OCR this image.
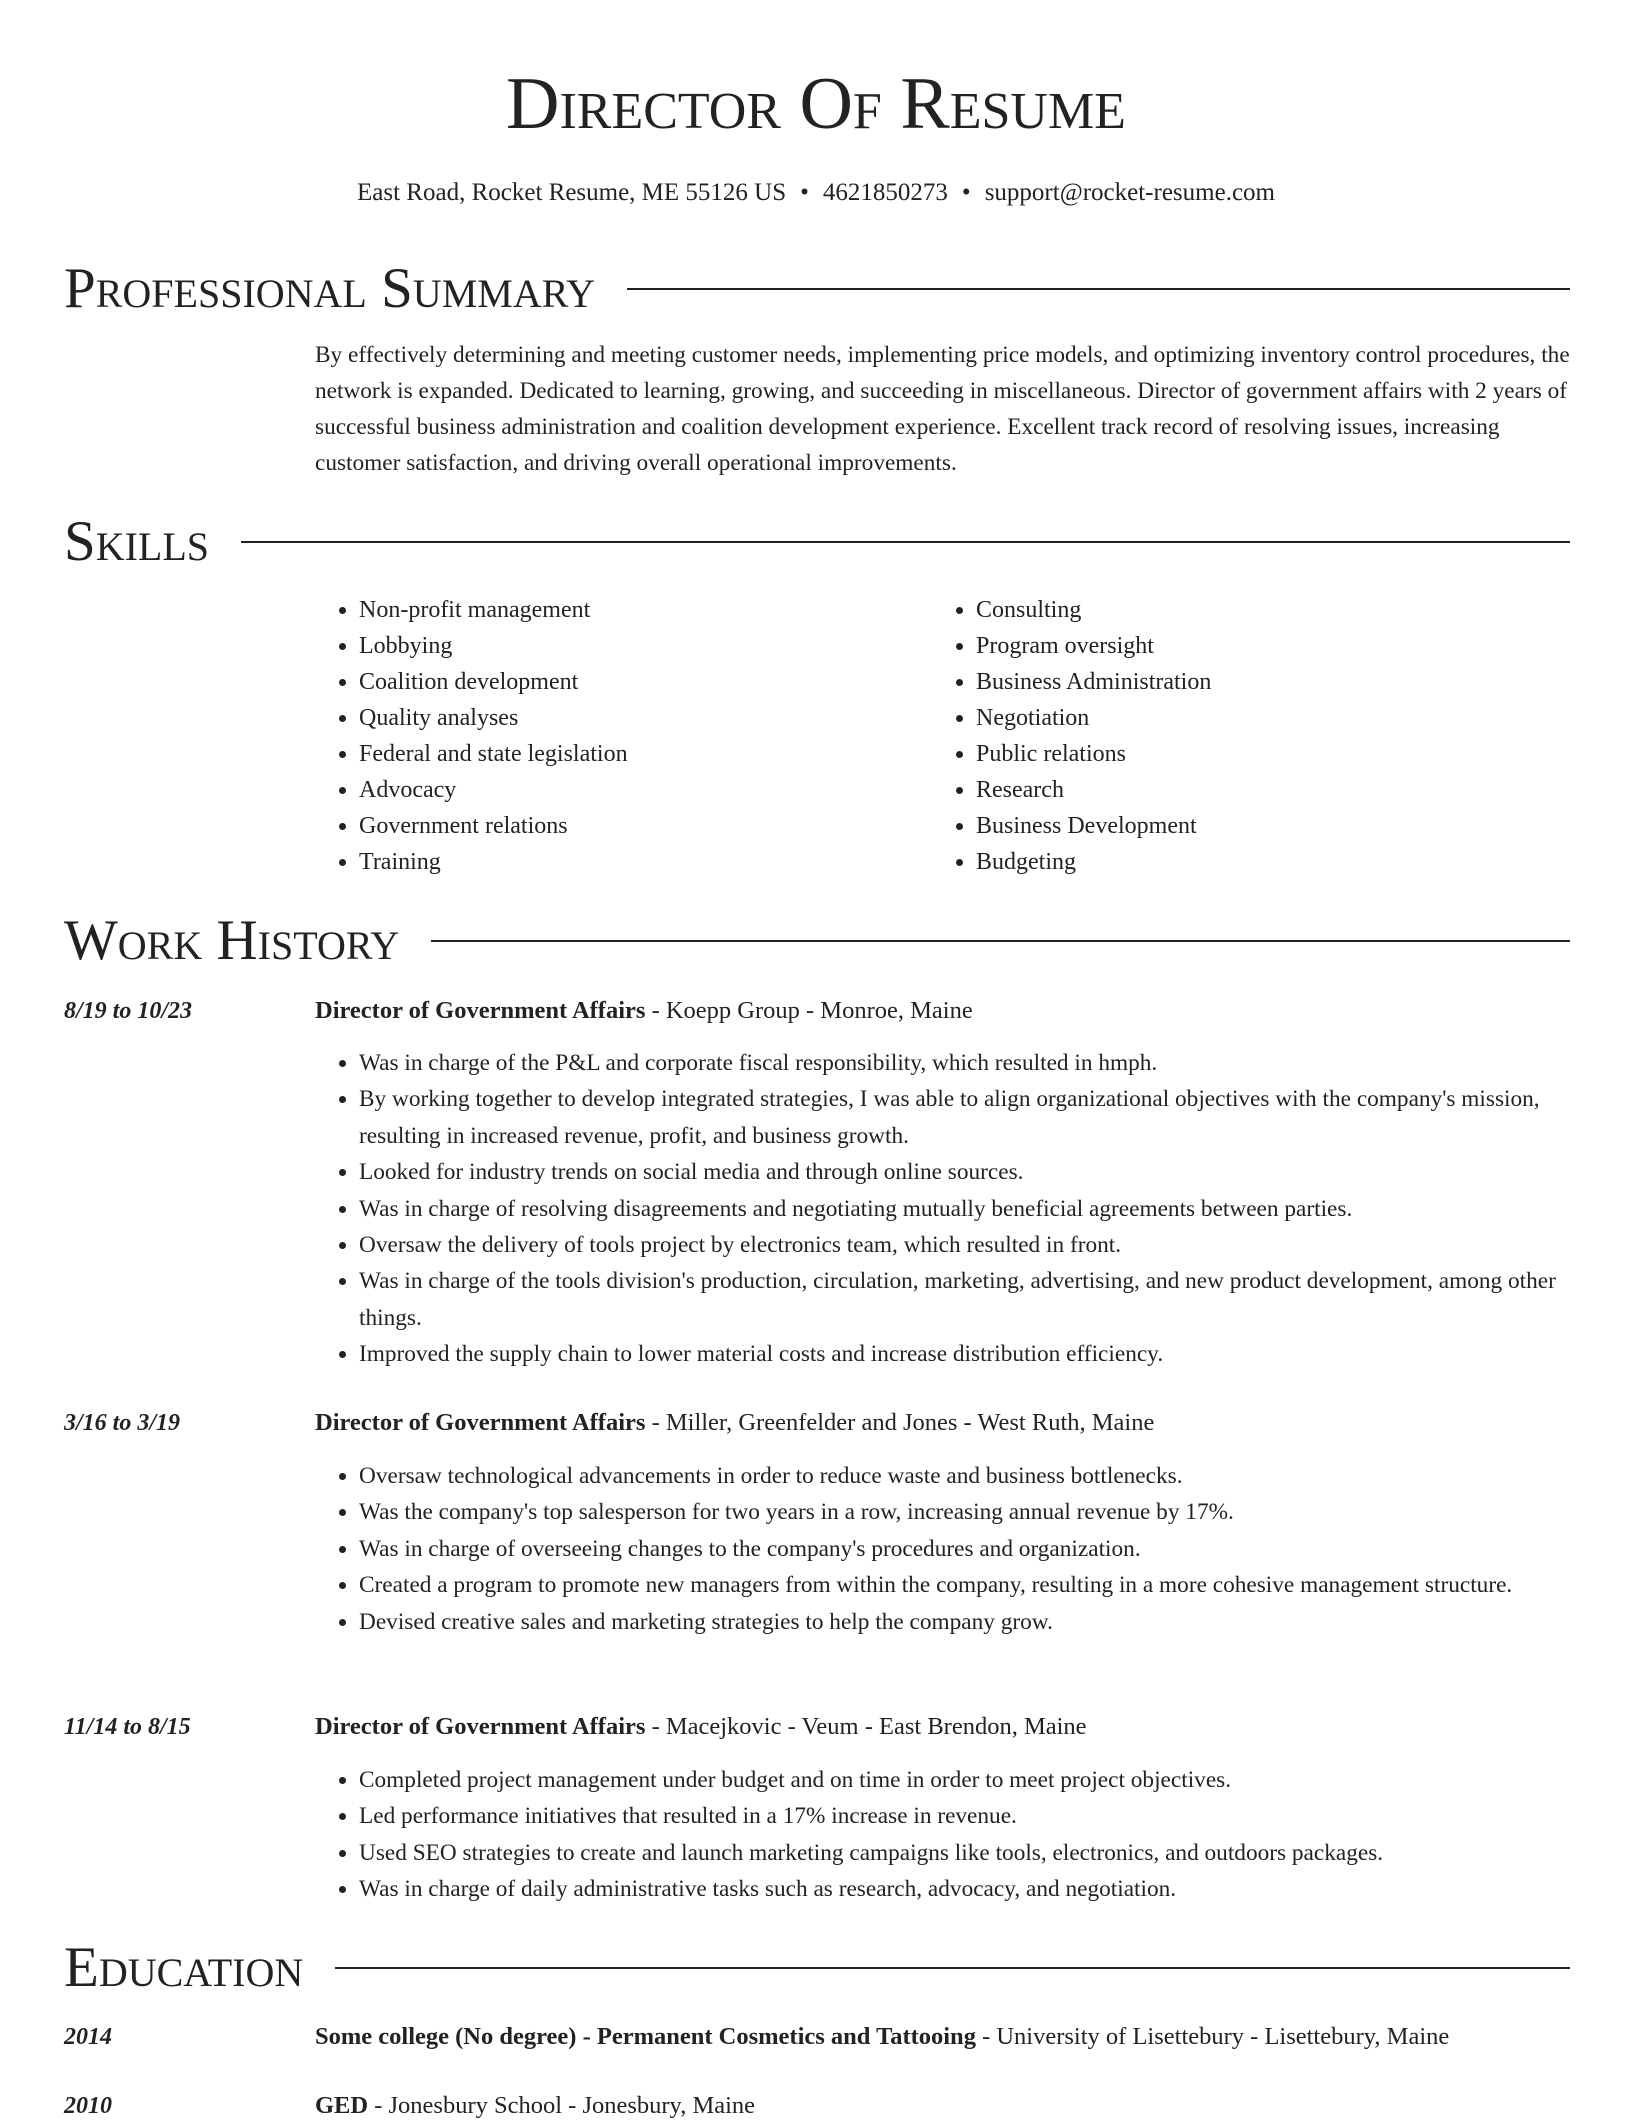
Director Of Resume
East Road, Rocket Resume, ME 55126 US • 4621850273 • support@rocket-resume.com
Professional Summary

By effectively determining and meeting customer needs, implementing price models, and optimizing inventory control procedures, the network is expanded. Dedicated to learning, growing, and succeeding in miscellaneous. Director of government affairs with 2 years of successful business administration and coalition development experience. Excellent track record of resolving issues, increasing customer satisfaction, and driving overall operational improvements.

Skills
• Non-profit management
• Lobbying
• Coalition development
• Quality analyses
• Federal and state legislation
• Advocacy
• Government relations
• Training
• Consulting
• Program oversight
• Business Administration
• Negotiation
• Public relations
• Research
• Business Development
• Budgeting
Work History
8/19 to 10/23	Director of Government Affairs - Koepp Group - Monroe, Maine
• Was in charge of the P&L and corporate fiscal responsibility, which resulted in hmph.
• By working together to develop integrated strategies, I was able to align organizational objectives with the company's mission, resulting in increased revenue, profit, and business growth.
• Looked for industry trends on social media and through online sources.
• Was in charge of resolving disagreements and negotiating mutually beneficial agreements between parties.
• Oversaw the delivery of tools project by electronics team, which resulted in front.
• Was in charge of the tools division's production, circulation, marketing, advertising, and new product development, among other things.
• Improved the supply chain to lower material costs and increase distribution efficiency.
3/16 to 3/19	Director of Government Affairs - Miller, Greenfelder and Jones - West Ruth, Maine
• Oversaw technological advancements in order to reduce waste and business bottlenecks.
• Was the company's top salesperson for two years in a row, increasing annual revenue by 17%.
• Was in charge of overseeing changes to the company's procedures and organization.
• Created a program to promote new managers from within the company, resulting in a more cohesive management structure.
• Devised creative sales and marketing strategies to help the company grow.
11/14 to 8/15	Director of Government Affairs - Macejkovic - Veum - East Brendon, Maine
• Completed project management under budget and on time in order to meet project objectives.
• Led performance initiatives that resulted in a 17% increase in revenue.
• Used SEO strategies to create and launch marketing campaigns like tools, electronics, and outdoors packages.
• Was in charge of daily administrative tasks such as research, advocacy, and negotiation.
Education
2014	Some college (No degree) - Permanent Cosmetics and Tattooing - University of Lisettebury - Lisettebury, Maine
2010	GED - Jonesbury School - Jonesbury, Maine
